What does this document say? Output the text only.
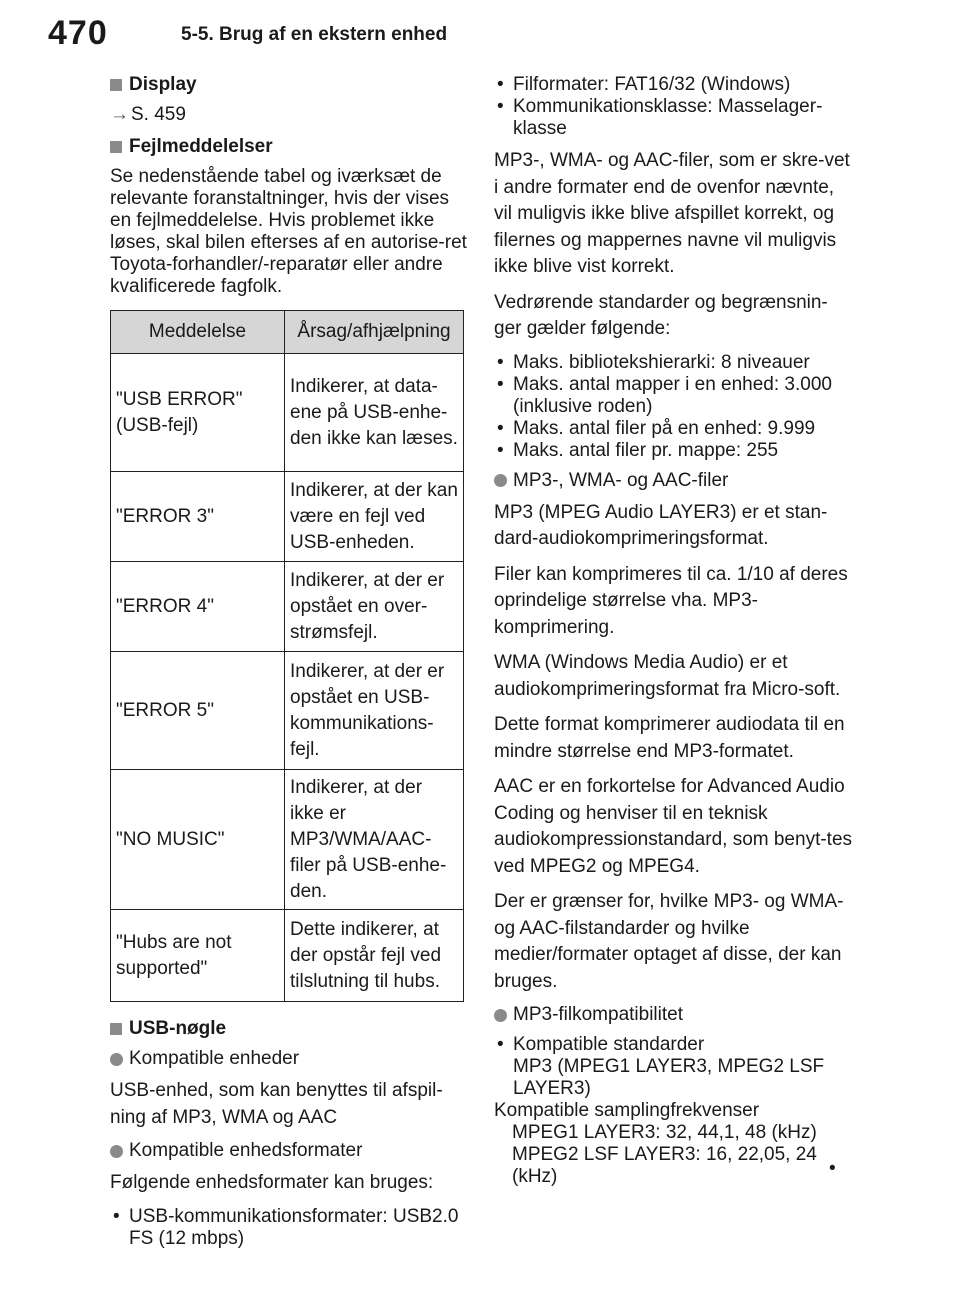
470	5-5. Brug af en ekstern enhed
Display
→ S. 459
Fejlmeddelelser

Se nedenstående tabel og iværksæt de relevante foranstaltninger, hvis der vises en fejlmeddelelse. Hvis problemet ikke løses, skal bilen efterses af en autorise-ret Toyota-forhandler/-reparatør eller andre kvalificerede fagfolk.

Meddelelse	Årsag/afhjælpning
"USB ERROR" (USB-fejl)	Indikerer, at data-ene på USB-enhe-den ikke kan læses.
"ERROR 3"	Indikerer, at der kan være en fejl ved USB-enheden.
"ERROR 4"	Indikerer, at der er opstået en over-strømsfejl.
"ERROR 5"	Indikerer, at der er opstået en USB-kommunikations-fejl.
"NO MUSIC"	Indikerer, at der ikke er MP3/WMA/AAC-filer på USB-enhe-den.
"Hubs are not supported"	Dette indikerer, at der opstår fejl ved tilslutning til hubs.
USB-nøgle
Kompatible enheder

USB-enhed, som kan benyttes til afspil-ning af MP3, WMA og AAC

Kompatible enhedsformater

Følgende enhedsformater kan bruges:

• USB-kommunikationsformater: USB2.0 FS (12 mbps)
• Filformater: FAT16/32 (Windows)
• Kommunikationsklasse: Masselager-klasse

MP3-, WMA- og AAC-filer, som er skre-vet i andre formater end de ovenfor nævnte, vil muligvis ikke blive afspillet korrekt, og filernes og mappernes navne vil muligvis ikke blive vist korrekt.

Vedrørende standarder og begrænsnin-ger gælder følgende:

• Maks. bibliotekshierarki: 8 niveauer
• Maks. antal mapper i en enhed: 3.000 (inklusive roden)
• Maks. antal filer på en enhed: 9.999
• Maks. antal filer pr. mappe: 255
MP3-, WMA- og AAC-filer

MP3 (MPEG Audio LAYER3) er et stan-dard-audiokomprimeringsformat.

Filer kan komprimeres til ca. 1/10 af deres oprindelige størrelse vha. MP3-komprimering.

WMA (Windows Media Audio) er et audiokomprimeringsformat fra Micro-soft.

Dette format komprimerer audiodata til en mindre størrelse end MP3-formatet.

AAC er en forkortelse for Advanced Audio Coding og henviser til en teknisk audiokompressionstandard, som benyt-tes ved MPEG2 og MPEG4.

Der er grænser for, hvilke MP3- og WMA- og AAC-filstandarder og hvilke medier/formater optaget af disse, der kan bruges.

MP3-filkompatibilitet
• Kompatible standarder
MP3 (MPEG1 LAYER3, MPEG2 LSF LAYER3)
Kompatible samplingfrekvenser
MPEG1 LAYER3: 32, 44,1, 48 (kHz)
MPEG2 LSF LAYER3: 16, 22,05, 24 (kHz)	•
